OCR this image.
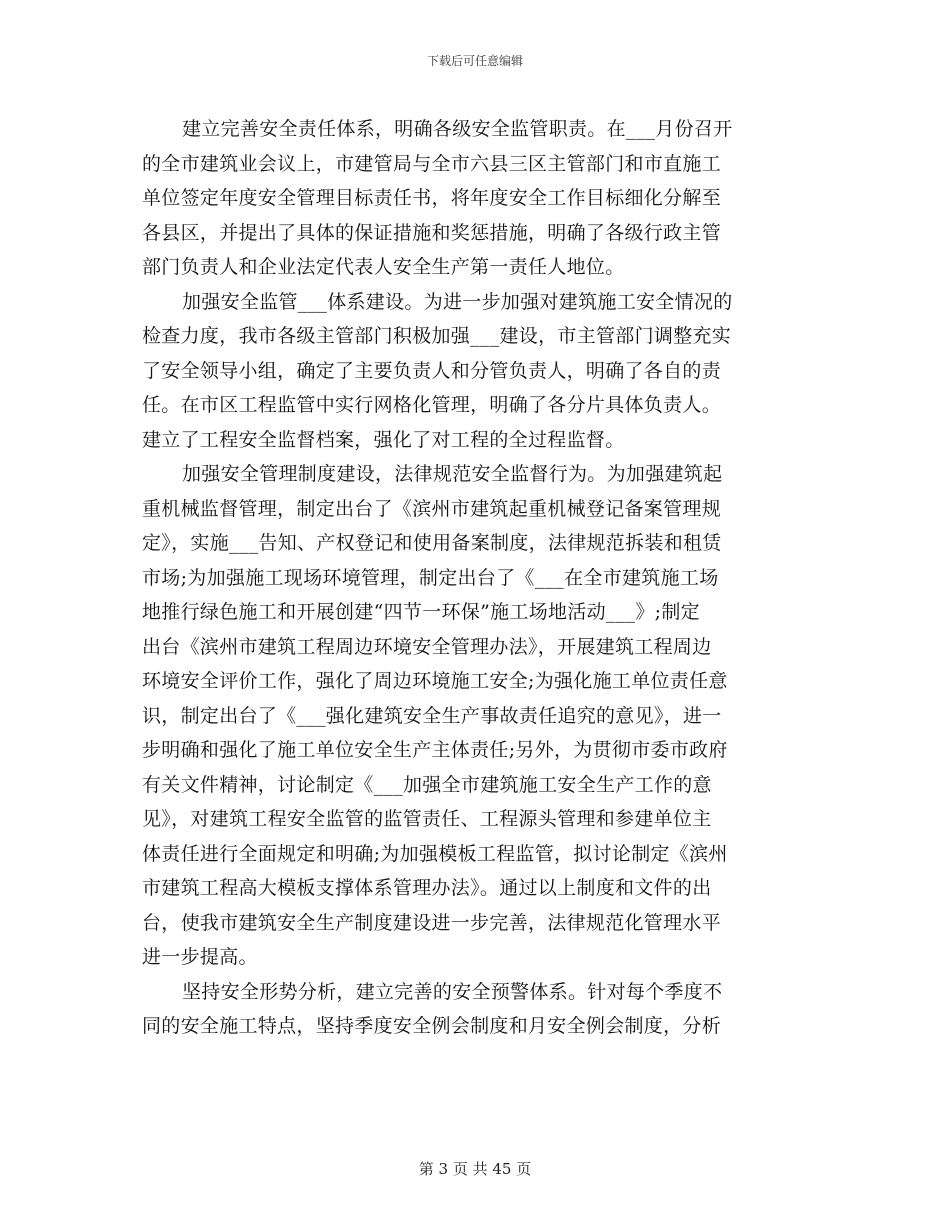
下载后可任意编辑
建立完善安全责任体系，明确各级安全监管职责。在___月份召开
的全市建筑业会议上，市建管局与全市六县三区主管部门和市直施工
单位签定年度安全管理目标责任书，将年度安全工作目标细化分解至
各县区，并提出了具体的保证措施和奖惩措施，明确了各级行政主管
部门负责人和企业法定代表人安全生产第一责任人地位。
加强安全监管___体系建设。为进一步加强对建筑施工安全情况的
检查力度，我市各级主管部门积极加强___建设，市主管部门调整充实
了安全领导小组，确定了主要负责人和分管负责人，明确了各自的责
任。在市区工程监管中实行网格化管理，明确了各分片具体负责人。
建立了工程安全监督档案，强化了对工程的全过程监督。
加强安全管理制度建设，法律规范安全监督行为。为加强建筑起
重机械监督管理，制定出台了《滨州市建筑起重机械登记备案管理规
定》，实施___告知、产权登记和使用备案制度，法律规范拆装和租赁
市场;为加强施工现场环境管理，制定出台了《___在全市建筑施工场
地推行绿色施工和开展创建“四节一环保”施工场地活动___》;制定
出台《滨州市建筑工程周边环境安全管理办法》，开展建筑工程周边
环境安全评价工作，强化了周边环境施工安全;为强化施工单位责任意
识，制定出台了《___强化建筑安全生产事故责任追究的意见》，进一
步明确和强化了施工单位安全生产主体责任;另外，为贯彻市委市政府
有关文件精神，讨论制定《___加强全市建筑施工安全生产工作的意
见》，对建筑工程安全监管的监管责任、工程源头管理和参建单位主
体责任进行全面规定和明确;为加强模板工程监管，拟讨论制定《滨州
市建筑工程高大模板支撑体系管理办法》。通过以上制度和文件的出
台，使我市建筑安全生产制度建设进一步完善，法律规范化管理水平
进一步提高。
坚持安全形势分析，建立完善的安全预警体系。针对每个季度不
同的安全施工特点，坚持季度安全例会制度和月安全例会制度，分析
第 3 页 共 45 页
